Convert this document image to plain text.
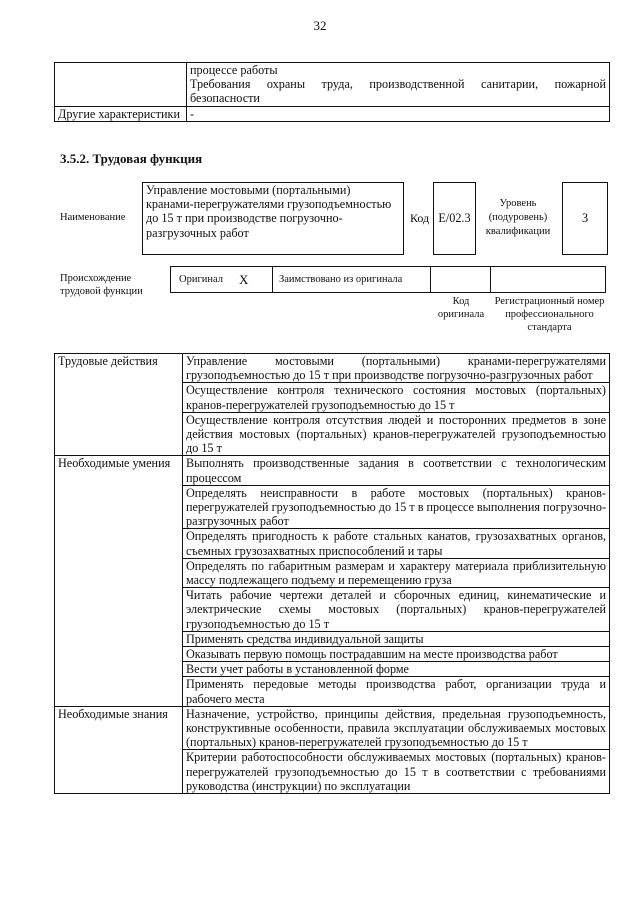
32
	процессе работы
	Требования охраны труда, производственной санитарии, пожарной безопасности
Другие характеристики	-
3.5.2. Трудовая функция
Наименование
Управление мостовыми (портальными) кранами-перегружателями грузоподъемностью до 15 т при производстве погрузочно-разгрузочных работ
Код E/02.3
Уровень (подуровень) квалификации
3
Происхождение трудовой функции
Оригинал X	Заимствовано из оригинала
Код оригинала
Регистрационный номер профессионального стандарта
Трудовые действия	Управление мостовыми (портальными) кранами-перегружателями грузоподъемностью до 15 т при производстве погрузочно-разгрузочных работ
	Осуществление контроля технического состояния мостовых (портальных) кранов-перегружателей грузоподъемностью до 15 т
	Осуществление контроля отсутствия людей и посторонних предметов в зоне действия мостовых (портальных) кранов-перегружателей грузоподъемностью до 15 т
Необходимые умения	Выполнять производственные задания в соответствии с технологическим процессом
	Определять неисправности в работе мостовых (портальных) кранов-перегружателей грузоподъемностью до 15 т в процессе выполнения погрузочно-разгрузочных работ
	Определять пригодность к работе стальных канатов, грузозахватных органов, съемных грузозахватных приспособлений и тары
	Определять по габаритным размерам и характеру материала приблизительную массу подлежащего подъему и перемещению груза
	Читать рабочие чертежи деталей и сборочных единиц, кинематические и электрические схемы мостовых (портальных) кранов-перегружателей грузоподъемностью до 15 т
	Применять средства индивидуальной защиты
	Оказывать первую помощь пострадавшим на месте производства работ
	Вести учет работы в установленной форме
	Применять передовые методы производства работ, организации труда и рабочего места
Необходимые знания	Назначение, устройство, принципы действия, предельная грузоподъемность, конструктивные особенности, правила эксплуатации обслуживаемых мостовых (портальных) кранов-перегружателей грузоподъемностью до 15 т
	Критерии работоспособности обслуживаемых мостовых (портальных) кранов-перегружателей грузоподъемностью до 15 т в соответствии с требованиями руководства (инструкции) по эксплуатации
